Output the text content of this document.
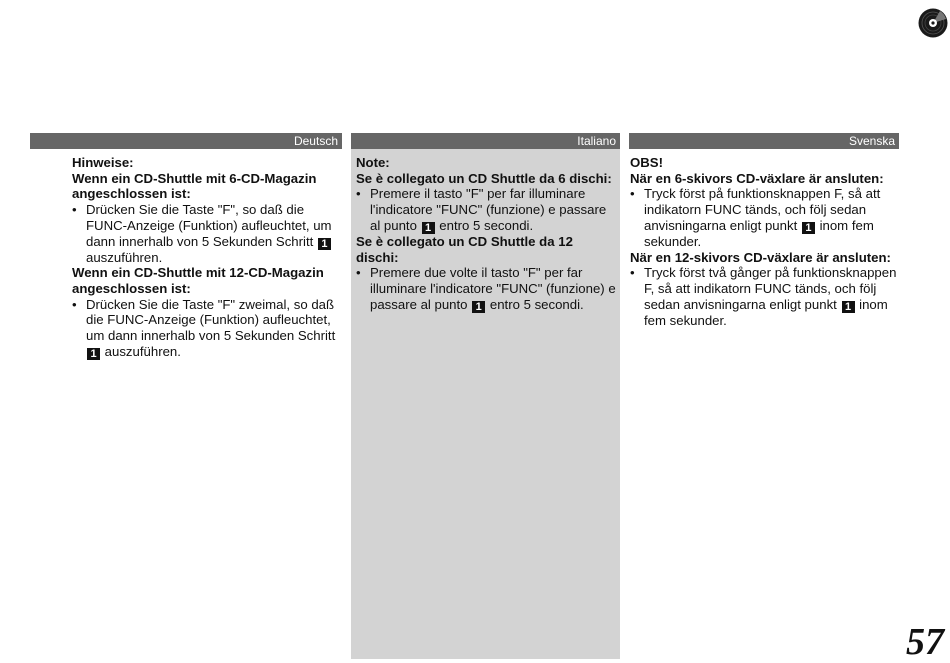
Deutsch	Italiano	Svenska
Hinweise:
Wenn ein CD-Shuttle mit 6-CD-Magazin angeschlossen ist:
• Drücken Sie die Taste "F", so daß die FUNC-Anzeige (Funktion) aufleuchtet, um dann innerhalb von 5 Sekunden Schritt 1 auszuführen.
Wenn ein CD-Shuttle mit 12-CD-Magazin angeschlossen ist:
• Drücken Sie die Taste "F" zweimal, so daß die FUNC-Anzeige (Funktion) aufleuchtet, um dann innerhalb von 5 Sekunden Schritt
1 auszuführen.
Note:
Se è collegato un CD Shuttle da 6 dischi:
• Premere il tasto "F" per far illuminare l'indicatore "FUNC" (funzione) e passare al punto 1 entro 5 secondi.
Se è collegato un CD Shuttle da 12 dischi:
• Premere due volte il tasto "F" per far illuminare l'indicatore "FUNC" (funzione) e passare al punto 1 entro 5 secondi.
OBS!
När en 6-skivors CD-växlare är ansluten:
• Tryck först på funktionsknappen F, så att indikatorn FUNC tänds, och följ sedan anvisningarna enligt punkt 1 inom fem sekunder.
När en 12-skivors CD-växlare är ansluten:
• Tryck först två gånger på funktionsknappen F, så att indikatorn FUNC tänds, och följ sedan anvisningarna enligt punkt 1 inom fem sekunder.
57
